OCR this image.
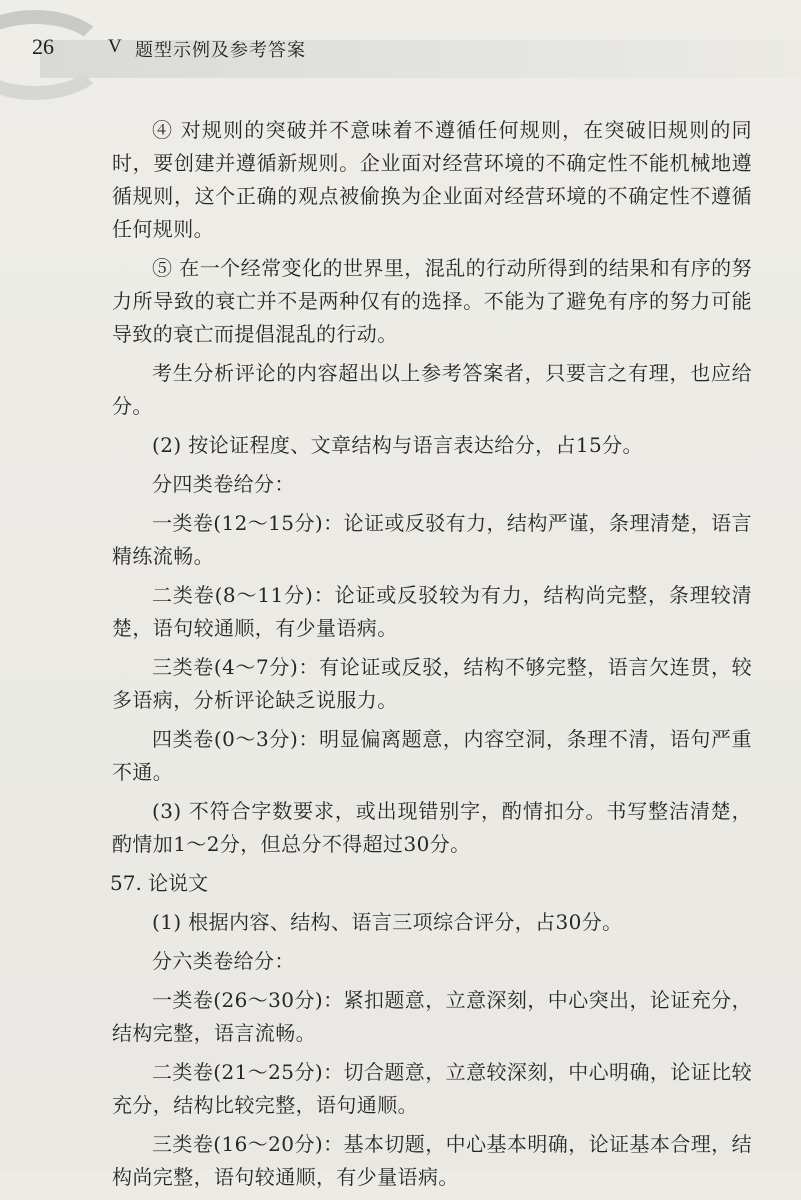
26	V 题型示例及参考答案

④ 对规则的突破并不意味着不遵循任何规则，在突破旧规则的同时，要创建并遵循新规则。企业面对经营环境的不确定性不能机械地遵循规则，这个正确的观点被偷换为企业面对经营环境的不确定性不遵循任何规则。

⑤ 在一个经常变化的世界里，混乱的行动所得到的结果和有序的努力所导致的衰亡并不是两种仅有的选择。不能为了避免有序的努力可能导致的衰亡而提倡混乱的行动。

考生分析评论的内容超出以上参考答案者，只要言之有理，也应给分。

(2) 按论证程度、文章结构与语言表达给分，占15分。

分四类卷给分：

一类卷(12～15分)：论证或反驳有力，结构严谨，条理清楚，语言精练流畅。

二类卷(8～11分)：论证或反驳较为有力，结构尚完整，条理较清楚，语句较通顺，有少量语病。

三类卷(4～7分)：有论证或反驳，结构不够完整，语言欠连贯，较多语病，分析评论缺乏说服力。

四类卷(0～3分)：明显偏离题意，内容空洞，条理不清，语句严重不通。

(3) 不符合字数要求，或出现错别字，酌情扣分。书写整洁清楚，酌情加1～2分，但总分不得超过30分。

57. 论说文

(1) 根据内容、结构、语言三项综合评分，占30分。

分六类卷给分：

一类卷(26～30分)：紧扣题意，立意深刻，中心突出，论证充分，结构完整，语言流畅。

二类卷(21～25分)：切合题意，立意较深刻，中心明确，论证比较充分，结构比较完整，语句通顺。

三类卷(16～20分)：基本切题，中心基本明确，论证基本合理，结构尚完整，语句较通顺，有少量语病。
